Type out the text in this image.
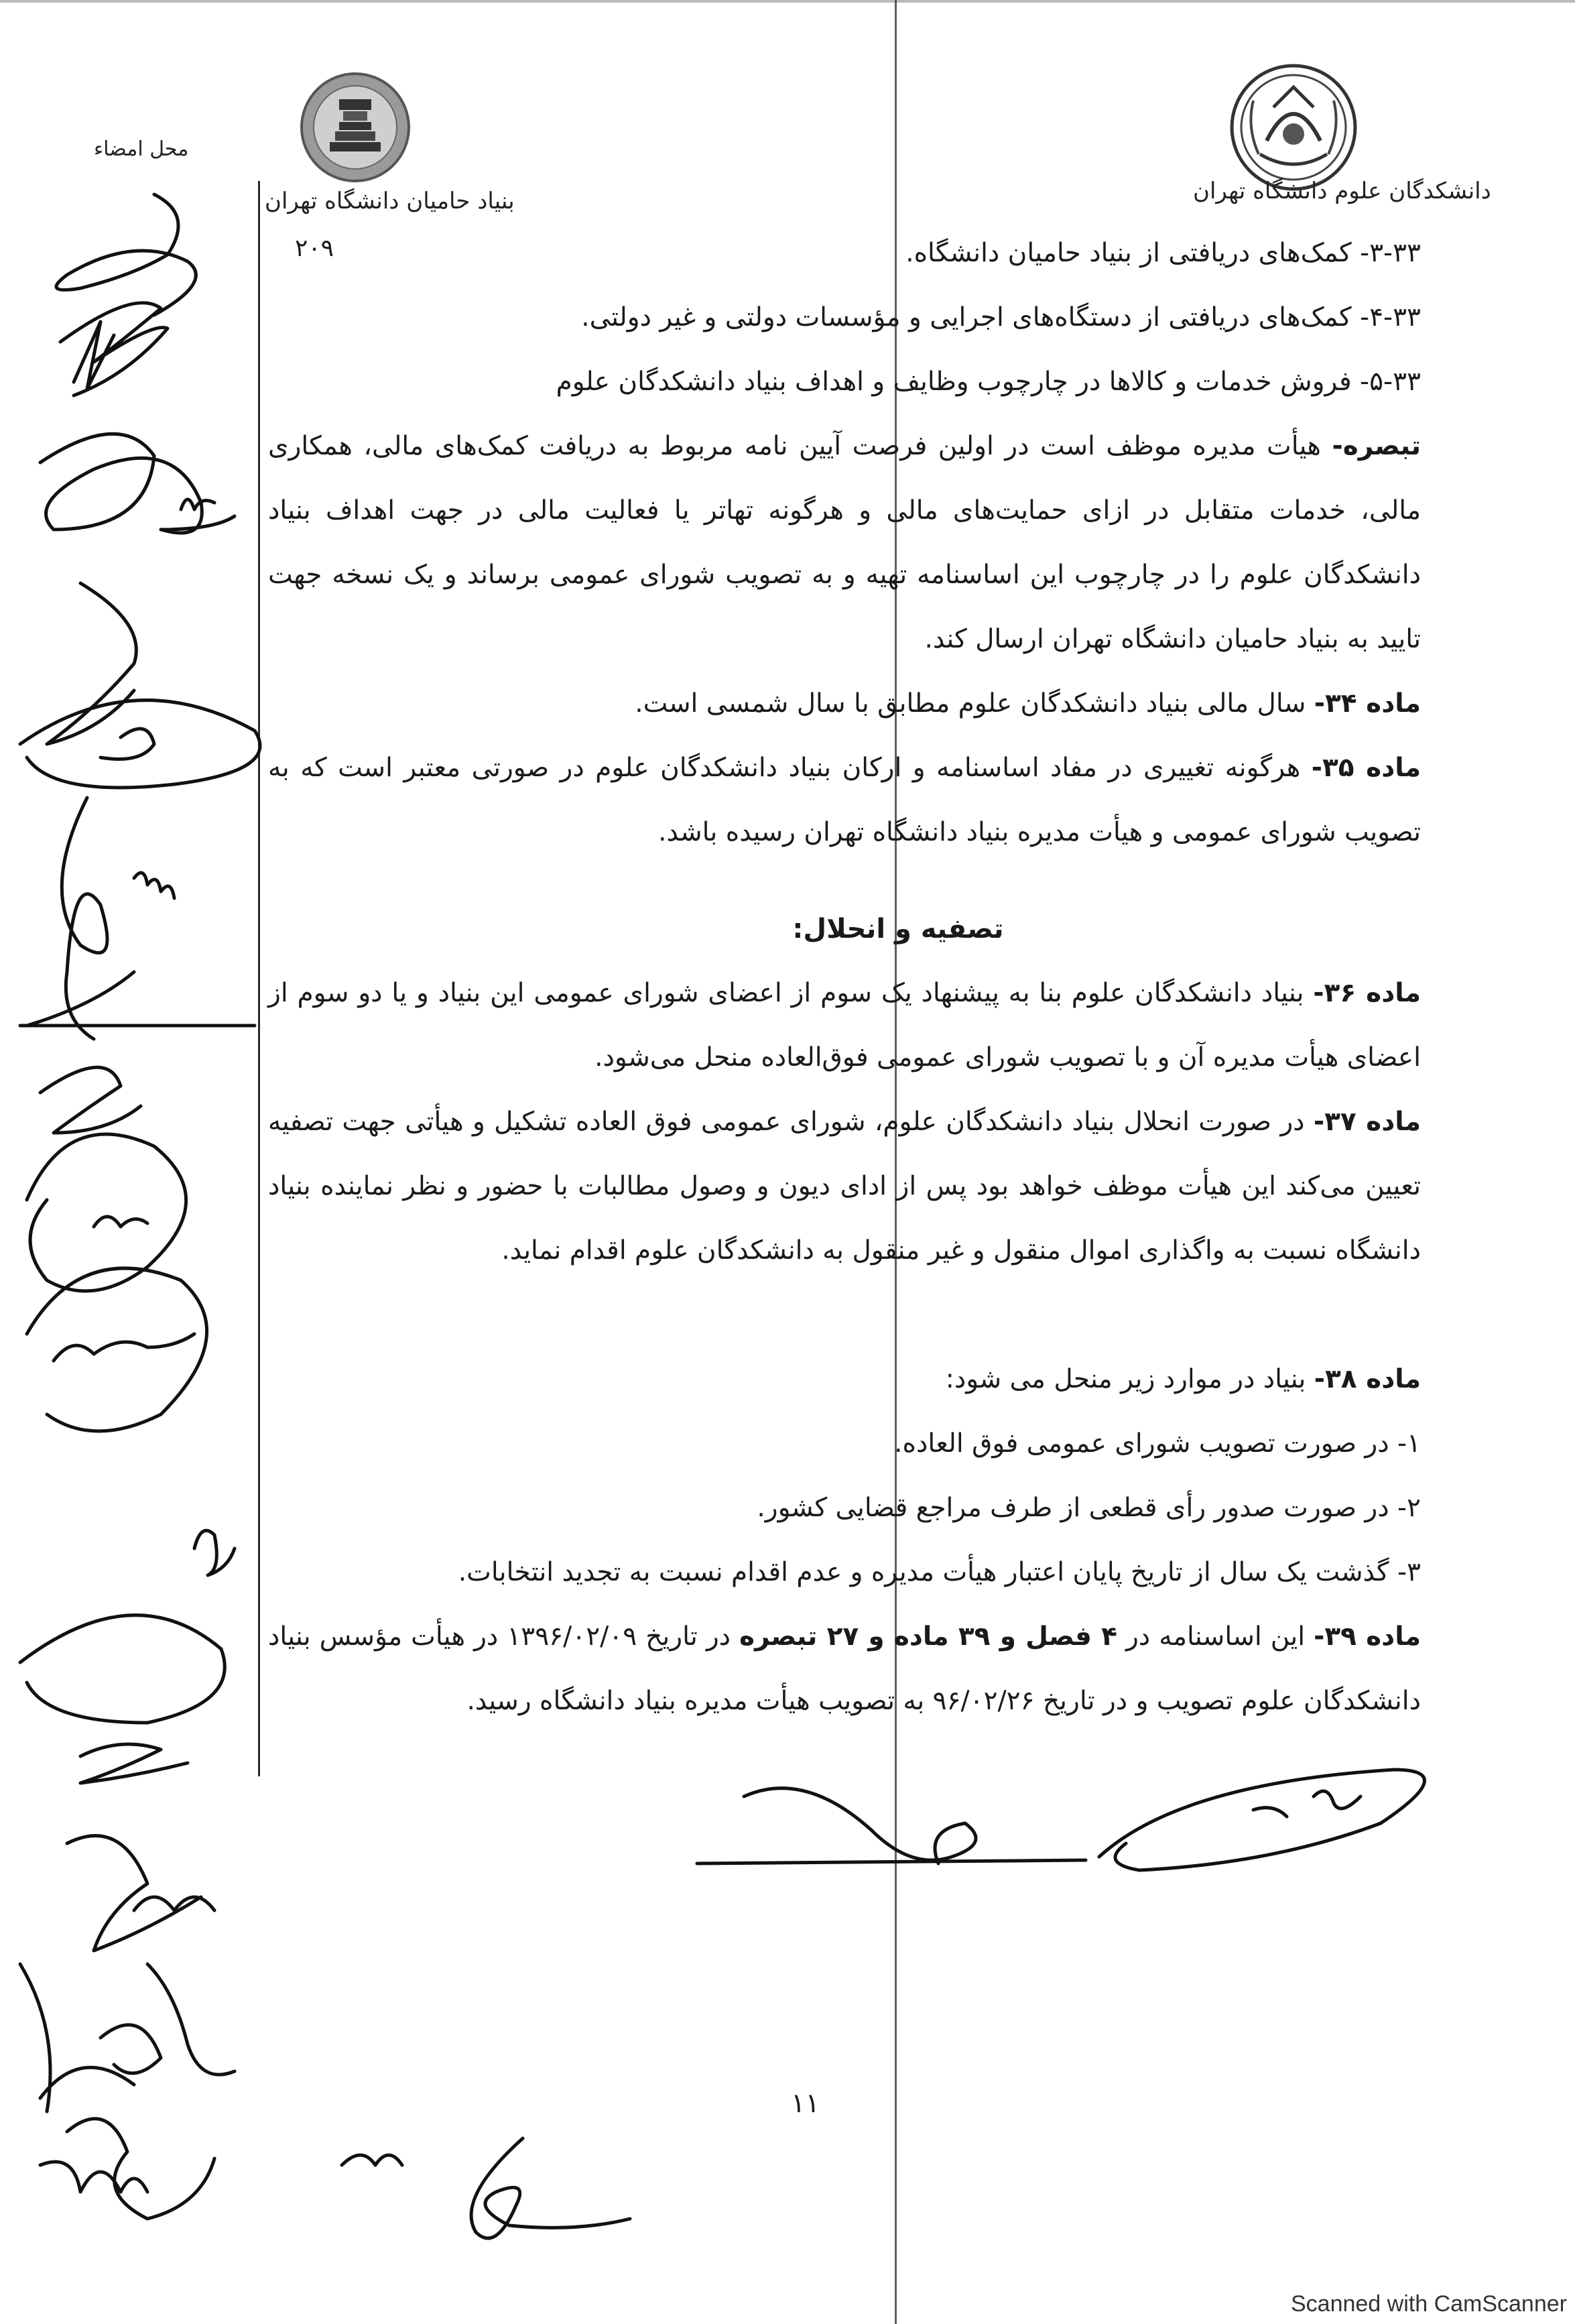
بنیاد حامیان دانشگاه تهران	دانشکدگان علوم دانشگاه تهران
۲۰۹
محل امضاء

۳-۳۳- کمک‌های دریافتی از بنیاد حامیان دانشگاه.

۴-۳۳- کمک‌های دریافتی از دستگاه‌های اجرایی و مؤسسات دولتی و غیر دولتی.

۵-۳۳- فروش خدمات و کالاها در چارچوب وظایف و اهداف بنیاد دانشکدگان علوم

تبصره- هیأت مدیره موظف است در اولین فرصت آیین نامه مربوط به دریافت کمک‌های مالی، همکاری مالی، خدمات متقابل در ازای حمایت‌های مالی و هرگونه تهاتر یا فعالیت مالی در جهت اهداف بنیاد دانشکدگان علوم را در چارچوب این اساسنامه تهیه و به تصویب شورای عمومی برساند و یک نسخه جهت تایید به بنیاد حامیان دانشگاه تهران ارسال کند.

ماده ۳۴- سال مالی بنیاد دانشکدگان علوم مطابق با سال شمسی است.

ماده ۳۵- هرگونه تغییری در مفاد اساسنامه و ارکان بنیاد دانشکدگان علوم در صورتی معتبر است که به تصویب شورای عمومی و هیأت مدیره بنیاد دانشگاه تهران رسیده باشد.

تصفیه و انحلال:

ماده ۳۶- بنیاد دانشکدگان علوم بنا به پیشنهاد یک سوم از اعضای شورای عمومی این بنیاد و یا دو سوم از اعضای هیأت مدیره آن و با تصویب شورای عمومی فوق‌العاده منحل می‌شود.

ماده ۳۷- در صورت انحلال بنیاد دانشکدگان علوم، شورای عمومی فوق العاده تشکیل و هیأتی جهت تصفیه تعیین می‌کند این هیأت موظف خواهد بود پس از ادای دیون و وصول مطالبات با حضور و نظر نماینده بنیاد دانشگاه نسبت به واگذاری اموال منقول و غیر منقول به دانشکدگان علوم اقدام نماید.

ماده ۳۸- بنیاد در موارد زیر منحل می شود:

۱- در صورت تصویب شورای عمومی فوق العاده.

۲- در صورت صدور رأی قطعی از طرف مراجع قضایی کشور.

۳- گذشت یک سال از تاریخ پایان اعتبار هیأت مدیره و عدم اقدام نسبت به تجدید انتخابات.

ماده ۳۹- این اساسنامه در ۴ فصل و ۳۹ ماده و ۲۷ تبصره در تاریخ ۱۳۹۶/۰۲/۰۹ در هیأت مؤسس بنیاد دانشکدگان علوم تصویب و در تاریخ ۹۶/۰۲/۲۶ به تصویب هیأت مدیره بنیاد دانشگاه رسید.

۱۱
Scanned with CamScanner
